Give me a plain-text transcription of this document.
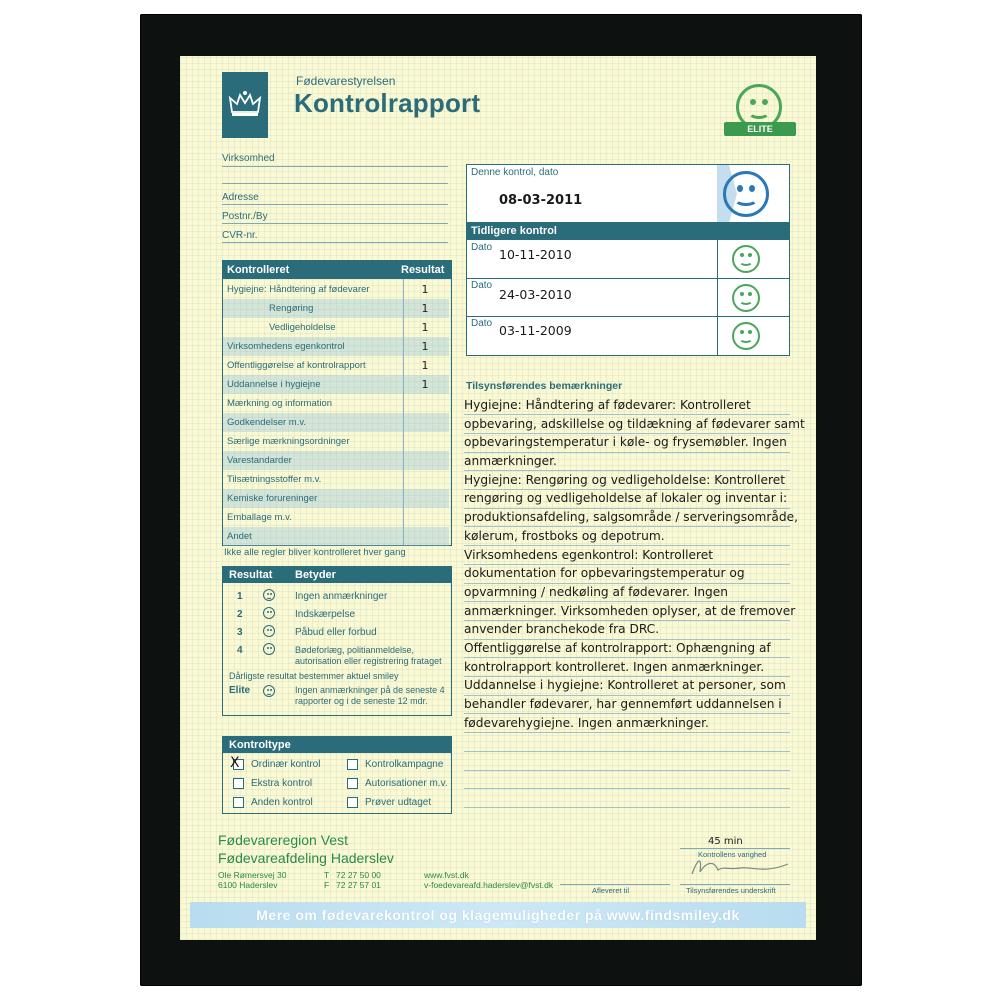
Fødevarestyrelsen
Kontrolrapport
ELITE
Virksomhed
Adresse
Postnr./By
CVR-nr.
Kontrolleret	Resultat
Hygiejne: Håndtering af fødevarer	1
Rengøring	1
Vedligeholdelse	1
Virksomhedens egenkontrol	1
Offentliggørelse af kontrolrapport	1
Uddannelse i hygiejne	1
Mærkning og information
Godkendelser m.v.
Særlige mærkningsordninger
Varestandarder
Tilsætningsstoffer m.v.
Kemiske forureninger
Emballage m.v.
Andet
Ikke alle regler bliver kontrolleret hver gang
Resultat Betyder
1	Ingen anmærkninger
2	Indskærpelse
3	Påbud eller forbud
4	Bødeforlæg, politianmeldelse, autorisation eller registrering frataget
Dårligste resultat bestemmer aktuel smiley
Elite	Ingen anmærkninger på de seneste 4 rapporter og i de seneste 12 mdr.
Kontroltype
X Ordinær kontrol
Ekstra kontrol
Anden kontrol
Kontrolkampagne
Autorisationer m.v.
Prøver udtaget
Denne kontrol, dato
08-03-2011
Tidligere kontrol
Dato 10-11-2010
Dato
24-03-2010
Dato 03-11-2009
Tilsynsførendes bemærkninger
Hygiejne: Håndtering af fødevarer: Kontrolleret
opbevaring, adskillelse og tildækning af fødevarer samt
opbevaringstemperatur i køle- og frysemøbler. Ingen
anmærkninger.
Hygiejne: Rengøring og vedligeholdelse: Kontrolleret
rengøring og vedligeholdelse af lokaler og inventar i:
produktionsafdeling, salgsområde / serveringsområde,
kølerum, frostboks og depotrum.
Virksomhedens egenkontrol: Kontrolleret
dokumentation for opbevaringstemperatur og
opvarmning / nedkøling af fødevarer. Ingen
anmærkninger. Virksomheden oplyser, at de fremover
anvender branchekode fra DRC.
Offentliggørelse af kontrolrapport: Ophængning af
kontrolrapport kontrolleret. Ingen anmærkninger.
Uddannelse i hygiejne: Kontrolleret at personer, som
behandler fødevarer, har gennemført uddannelsen i
fødevarehygiejne. Ingen anmærkninger.
Fødevareregion Vest
Fødevareafdeling Haderslev
Ole Rømersvej 30
6100 Haderslev
T 72 27 50 00
F 72 27 57 01
www.fvst.dk
v-foedevareafd.haderslev@fvst.dk
45 min
Kontrollens varighed
Afleveret til	Tilsynsførendes underskrift
Mere om fødevarekontrol og klagemuligheder på www.findsmiley.dk
